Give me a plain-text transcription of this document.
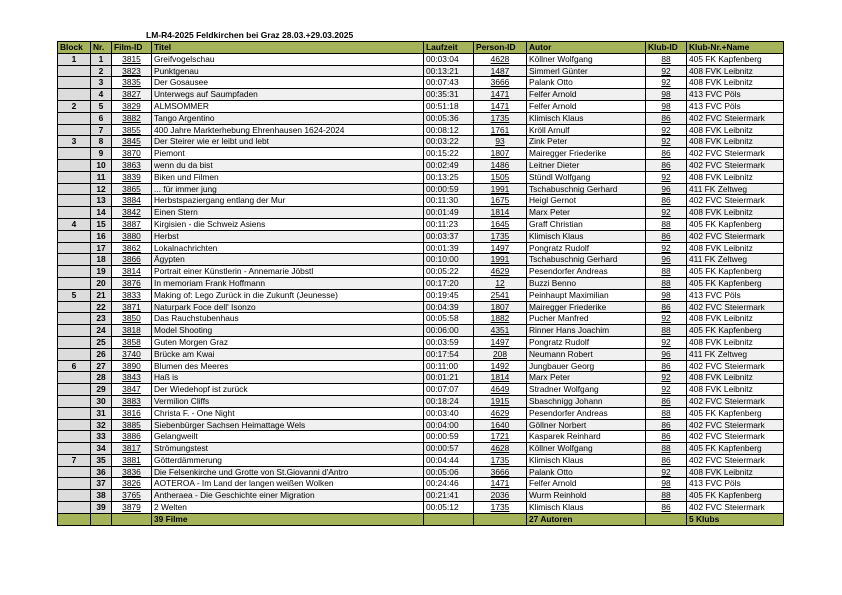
LM-R4-2025 Feldkirchen bei Graz 28.03.+29.03.2025
Block	Nr.	Film-ID	Titel	Laufzeit	Person-ID	Autor	Klub-ID	Klub-Nr.+Name
1	1	3815	Greifvogelschau	00:03:04	4628	Köllner Wolfgang	88	405 FK Kapfenberg
	2	3823	Punktgenau	00:13:21	1487	Simmerl Günter	92	408 FVK Leibnitz
	3	3835	Der Gosausee	00:07:43	3666	Palank Otto	92	408 FVK Leibnitz
	4	3827	Unterwegs auf Saumpfaden	00:35:31	1471	Felfer Arnold	98	413 FVC Pöls
2	5	3829	ALMSOMMER	00:51:18	1471	Felfer Arnold	98	413 FVC Pöls
	6	3882	Tango Argentino	00:05:36	1735	Klimisch Klaus	86	402 FVC Steiermark
	7	3855	400 Jahre Markterhebung Ehrenhausen 1624-2024	00:08:12	1761	Kröll Arnulf	92	408 FVK Leibnitz
3	8	3845	Der Steirer wie er leibt und lebt	00:03:22	93	Zink Peter	92	408 FVK Leibnitz
	9	3870	Piemont	00:15:22	1807	Mairegger Friederike	86	402 FVC Steiermark
	10	3863	wenn du da bist	00:02:49	1486	Leitner Dieter	86	402 FVC Steiermark
	11	3839	Biken und Filmen	00:13:25	1505	Stündl Wolfgang	92	408 FVK Leibnitz
	12	3865	... für immer jung	00:00:59	1991	Tschabuschnig Gerhard	96	411 FK Zeltweg
	13	3884	Herbstspaziergang entlang der Mur	00:11:30	1675	Heigl Gernot	86	402 FVC Steiermark
	14	3842	Einen Stern	00:01:49	1814	Marx Peter	92	408 FVK Leibnitz
4	15	3887	Kirgisien - die Schweiz Asiens	00:11:23	1645	Graff Christian	88	405 FK Kapfenberg
	16	3880	Herbst	00:03:37	1735	Klimisch Klaus	86	402 FVC Steiermark
	17	3862	Lokalnachrichten	00:01:39	1497	Pongratz Rudolf	92	408 FVK Leibnitz
	18	3866	Ägypten	00:10:00	1991	Tschabuschnig Gerhard	96	411 FK Zeltweg
	19	3814	Portrait einer Künstlerin - Annemarie Jöbstl	00:05:22	4629	Pesendorfer Andreas	88	405 FK Kapfenberg
	20	3876	In memoriam Frank Hoffmann	00:17:20	12	Buzzi Benno	88	405 FK Kapfenberg
5	21	3833	Making of: Lego Zurück in die Zukunft (Jeunesse)	00:19:45	2541	Peinhaupt Maximilian	98	413 FVC Pöls
	22	3871	Naturpark Foce dell' Isonzo	00:04:39	1807	Mairegger Friederike	86	402 FVC Steiermark
	23	3850	Das Rauchstubenhaus	00:05:58	1882	Pucher Manfred	92	408 FVK Leibnitz
	24	3818	Model Shooting	00:06:00	4351	Rinner Hans Joachim	88	405 FK Kapfenberg
	25	3858	Guten Morgen Graz	00:03:59	1497	Pongratz Rudolf	92	408 FVK Leibnitz
	26	3740	Brücke am Kwai	00:17:54	208	Neumann Robert	96	411 FK Zeltweg
6	27	3890	Blumen des Meeres	00:11:00	1492	Jungbauer Georg	86	402 FVC Steiermark
	28	3843	Haß is	00:01:21	1814	Marx Peter	92	408 FVK Leibnitz
	29	3847	Der Wiedehopf ist zurück	00:07:07	4649	Stradner Wolfgang	92	408 FVK Leibnitz
	30	3883	Vermilion Cliffs	00:18:24	1915	Sbaschnigg Johann	86	402 FVC Steiermark
	31	3816	Christa F. - One Night	00:03:40	4629	Pesendorfer Andreas	88	405 FK Kapfenberg
	32	3885	Siebenbürger Sachsen Heimattage Wels	00:04:00	1640	Göllner Norbert	86	402 FVC Steiermark
	33	3886	Gelangweilt	00:00:59	1721	Kasparek Reinhard	86	402 FVC Steiermark
	34	3817	Strömungstest	00:00:57	4628	Köllner Wolfgang	88	405 FK Kapfenberg
7	35	3881	Götterdämmerung	00:04:44	1735	Klimisch Klaus	86	402 FVC Steiermark
	36	3836	Die Felsenkirche und Grotte von St.Giovanni d'Antro	00:05:06	3666	Palank Otto	92	408 FVK Leibnitz
	37	3826	AOTEROA - Im Land der langen weißen Wolken	00:24:46	1471	Felfer Arnold	98	413 FVC Pöls
	38	3765	Antheraea - Die Geschichte einer Migration	00:21:41	2036	Wurm Reinhold	88	405 FK Kapfenberg
	39	3879	2 Welten	00:05:12	1735	Klimisch Klaus	86	402 FVC Steiermark
			39 Filme			27 Autoren		5 Klubs
